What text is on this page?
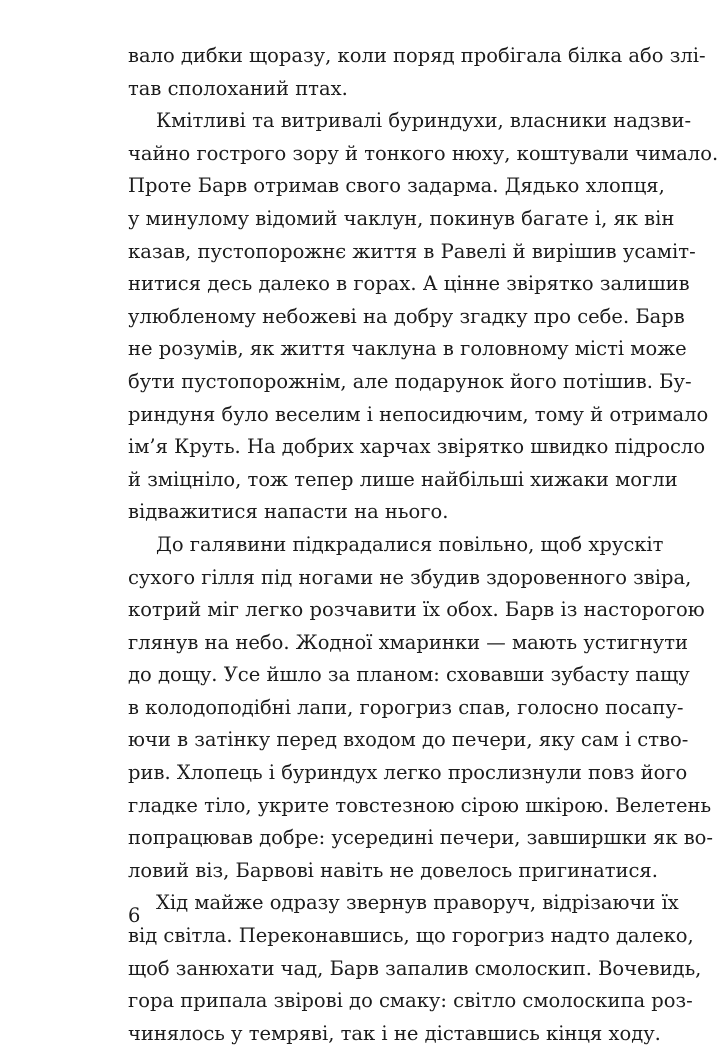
вало дибки щоразу, коли поряд пробігала білка або злі-
тав сполоханий птах.
Кмітливі та витривалі буриндухи, власники надзви-
чайно гострого зору й тонкого нюху, коштували чимало.
Проте Барв отримав свого задарма. Дядько хлопця,
у минулому відомий чаклун, покинув багате і, як він
казав, пустопорожнє життя в Равелі й вирішив усаміт-
нитися десь далеко в горах. А цінне звірятко залишив
улюбленому небожеві на добру згадку про себе. Барв
не розумів, як життя чаклуна в головному місті може
бути пустопорожнім, але подарунок його потішив. Бу-
риндуня було веселим і непосидючим, тому й отримало
ім’я Круть. На добрих харчах звірятко швидко підросло
й зміцніло, тож тепер лише найбільші хижаки могли
відважитися напасти на нього.
До галявини підкрадалися повільно, щоб хрускіт
сухого гілля під ногами не збудив здоровенного звіра,
котрий міг легко розчавити їх обох. Барв із насторогою
глянув на небо. Жодної хмаринки — мають устигнути
до дощу. Усе йшло за планом: сховавши зубасту пащу
в колодоподібні лапи, горогриз спав, голосно посапу-
ючи в затінку перед входом до печери, яку сам і ство-
рив. Хлопець і буриндух легко прослизнули повз його
гладке тіло, укрите товстезною сірою шкірою. Велетень
попрацював добре: усередині печери, завширшки як во-
ловий віз, Барвові навіть не довелось пригинатися.
Хід майже одразу звернув праворуч, відрізаючи їх
від світла. Переконавшись, що горогриз надто далеко,
щоб занюхати чад, Барв запалив смолоскип. Вочевидь,
гора припала звірові до смаку: світло смолоскипа роз-
чинялось у темряві, так і не діставшись кінця ходу.
6
